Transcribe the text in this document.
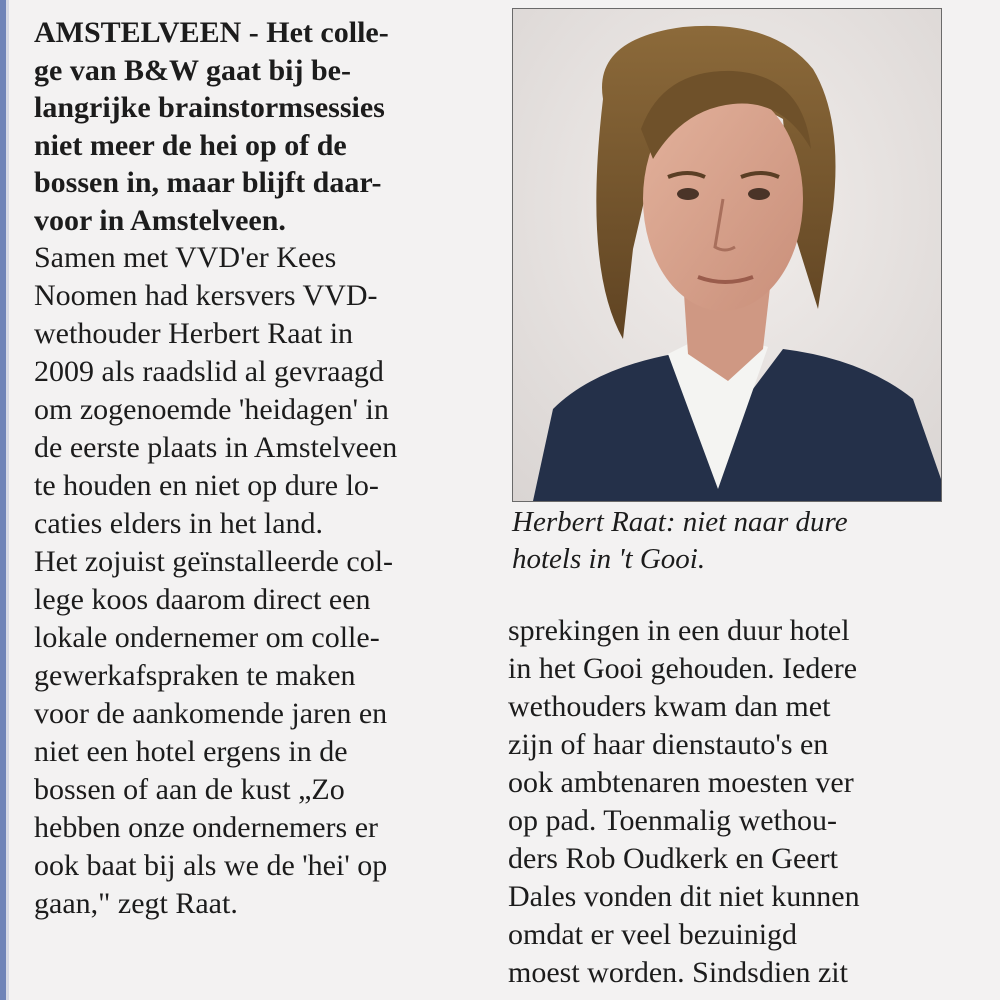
AMSTELVEEN - Het colle-
ge van B&W gaat bij be-
langrijke brainstormsessies
niet meer de hei op of de
bossen in, maar blijft daar-
voor in Amstelveen.

Samen met VVD'er Kees
Noomen had kersvers VVD-
wethouder Herbert Raat in
2009 als raadslid al gevraagd
om zogenoemde 'heidagen' in
de eerste plaats in Amstelveen
te houden en niet op dure lo-
caties elders in het land.
Het zojuist geïnstalleerde col-
lege koos daarom direct een
lokale ondernemer om colle-
gewerkafspraken te maken
voor de aankomende jaren en
niet een hotel ergens in de
bossen of aan de kust „Zo
hebben onze ondernemers er
ook baat bij als we de 'hei' op
gaan," zegt Raat.

Herbert Raat: niet naar dure
hotels in 't Gooi.

sprekingen in een duur hotel
in het Gooi gehouden. Iedere
wethouders kwam dan met
zijn of haar dienstauto's en
ook ambtenaren moesten ver
op pad. Toenmalig wethou-
ders Rob Oudkerk en Geert
Dales vonden dit niet kunnen
omdat er veel bezuinigd
moest worden. Sindsdien zit
